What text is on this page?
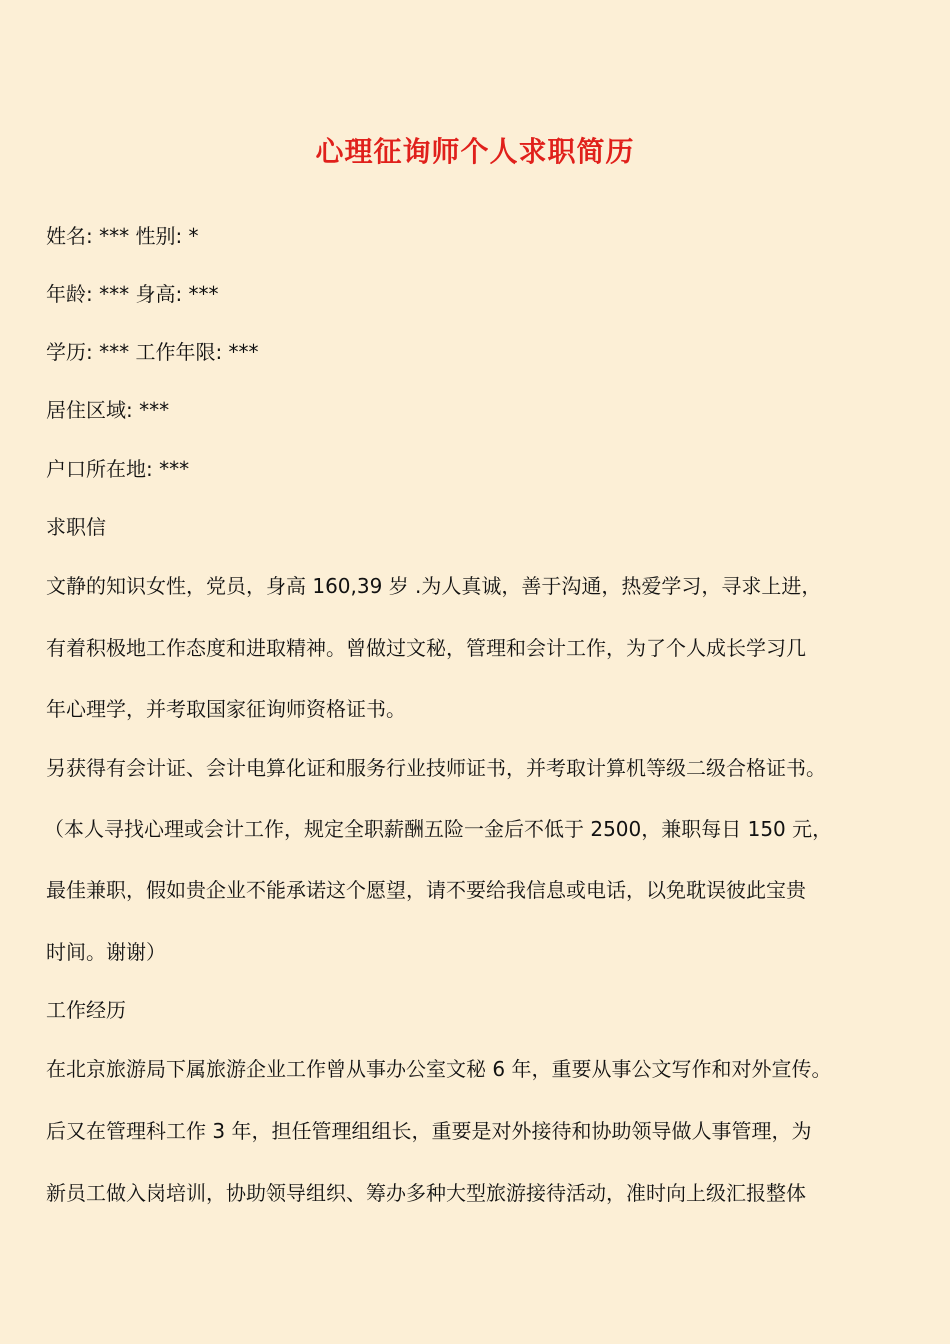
心理征询师个人求职简历
姓名: *** 性别: *
年龄: *** 身高: ***
学历: *** 工作年限: ***
居住区域: ***
户口所在地: ***
求职信
文静的知识女性，党员，身高 160,39 岁 .为人真诚，善于沟通，热爱学习，寻求上进，
有着积极地工作态度和进取精神。曾做过文秘，管理和会计工作，为了个人成长学习几
年心理学，并考取国家征询师资格证书。
另获得有会计证、会计电算化证和服务行业技师证书，并考取计算机等级二级合格证书。
（本人寻找心理或会计工作，规定全职薪酬五险一金后不低于 2500，兼职每日 150 元，
最佳兼职，假如贵企业不能承诺这个愿望，请不要给我信息或电话，以免耽误彼此宝贵
时间。谢谢）
工作经历
在北京旅游局下属旅游企业工作曾从事办公室文秘 6 年，重要从事公文写作和对外宣传。
后又在管理科工作 3 年，担任管理组组长，重要是对外接待和协助领导做人事管理，为
新员工做入岗培训，协助领导组织、筹办多种大型旅游接待活动，准时向上级汇报整体
